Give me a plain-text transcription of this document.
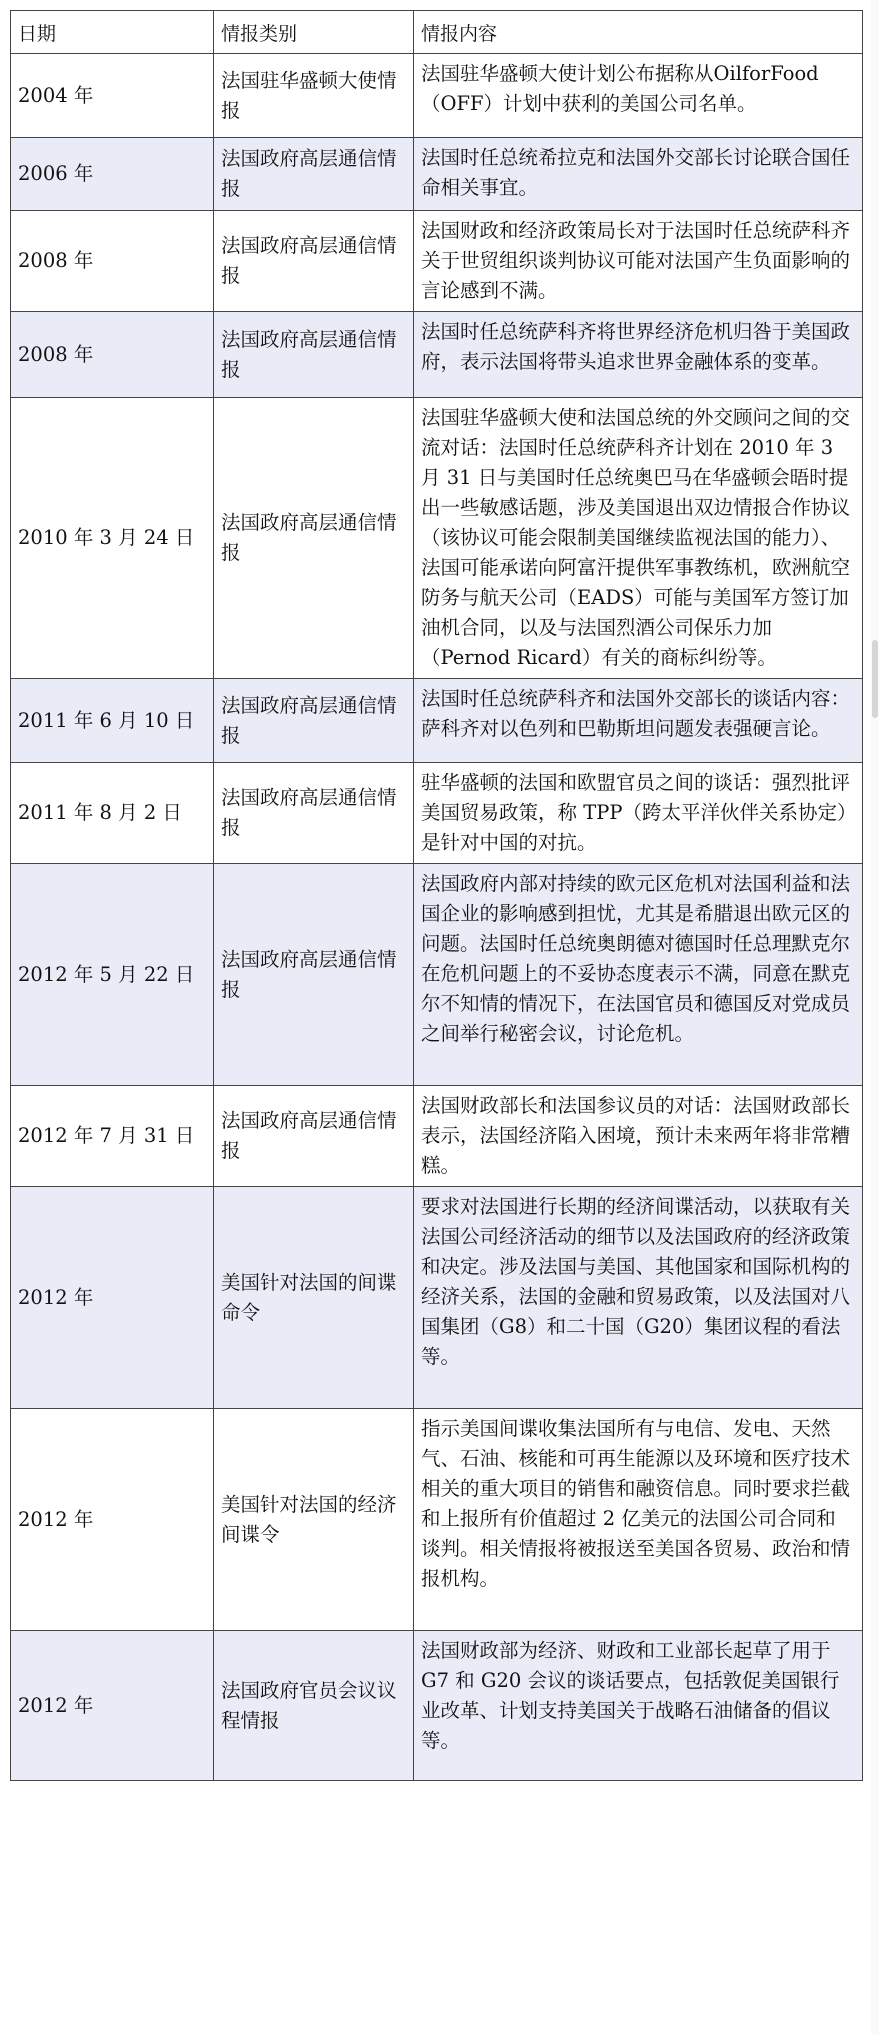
日期	情报类别	情报内容
2004 年	法国驻华盛顿大使情报	法国驻华盛顿大使计划公布据称从OilforFood（OFF）计划中获利的美国公司名单。
2006 年	法国政府高层通信情报	法国时任总统希拉克和法国外交部长讨论联合国任命相关事宜。
2008 年	法国政府高层通信情报	法国财政和经济政策局长对于法国时任总统萨科齐关于世贸组织谈判协议可能对法国产生负面影响的言论感到不满。
2008 年	法国政府高层通信情报	法国时任总统萨科齐将世界经济危机归咎于美国政府，表示法国将带头追求世界金融体系的变革。
2010 年 3 月 24 日	法国政府高层通信情报	法国驻华盛顿大使和法国总统的外交顾问之间的交流对话：法国时任总统萨科齐计划在 2010 年 3 月 31 日与美国时任总统奥巴马在华盛顿会晤时提出一些敏感话题，涉及美国退出双边情报合作协议（该协议可能会限制美国继续监视法国的能力）、法国可能承诺向阿富汗提供军事教练机，欧洲航空防务与航天公司（EADS）可能与美国军方签订加油机合同，以及与法国烈酒公司保乐力加（Pernod Ricard）有关的商标纠纷等。
2011 年 6 月 10 日	法国政府高层通信情报	法国时任总统萨科齐和法国外交部长的谈话内容：萨科齐对以色列和巴勒斯坦问题发表强硬言论。
2011 年 8 月 2 日	法国政府高层通信情报	驻华盛顿的法国和欧盟官员之间的谈话：强烈批评美国贸易政策，称 TPP（跨太平洋伙伴关系协定）是针对中国的对抗。
2012 年 5 月 22 日	法国政府高层通信情报	法国政府内部对持续的欧元区危机对法国利益和法国企业的影响感到担忧，尤其是希腊退出欧元区的问题。法国时任总统奥朗德对德国时任总理默克尔在危机问题上的不妥协态度表示不满，同意在默克尔不知情的情况下，在法国官员和德国反对党成员之间举行秘密会议，讨论危机。
2012 年 7 月 31 日	法国政府高层通信情报	法国财政部长和法国参议员的对话：法国财政部长表示，法国经济陷入困境，预计未来两年将非常糟糕。
2012 年	美国针对法国的间谍命令	要求对法国进行长期的经济间谍活动，以获取有关法国公司经济活动的细节以及法国政府的经济政策和决定。涉及法国与美国、其他国家和国际机构的经济关系，法国的金融和贸易政策，以及法国对八国集团（G8）和二十国（G20）集团议程的看法等。
2012 年	美国针对法国的经济间谍令	指示美国间谍收集法国所有与电信、发电、天然气、石油、核能和可再生能源以及环境和医疗技术相关的重大项目的销售和融资信息。同时要求拦截和上报所有价值超过 2 亿美元的法国公司合同和谈判。相关情报将被报送至美国各贸易、政治和情报机构。
2012 年	法国政府官员会议议程情报	法国财政部为经济、财政和工业部长起草了用于 G7 和 G20 会议的谈话要点，包括敦促美国银行业改革、计划支持美国关于战略石油储备的倡议等。
